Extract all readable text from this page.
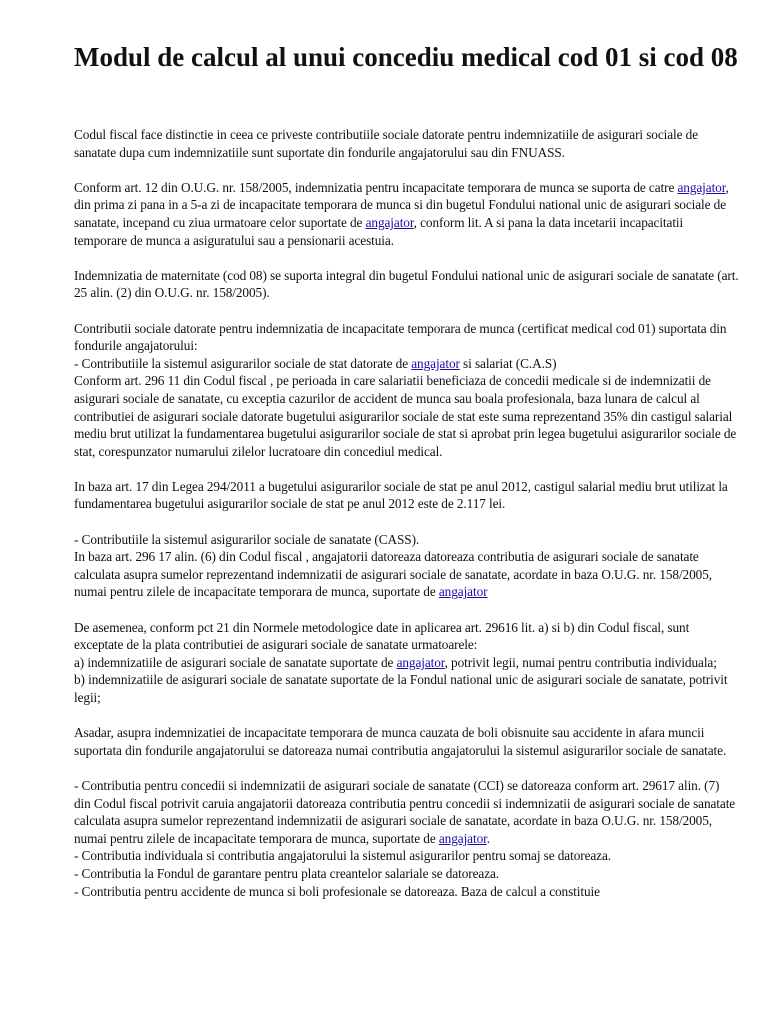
Modul de calcul al unui concediu medical cod 01 si cod 08

Codul fiscal face distinctie in ceea ce priveste contributiile sociale datorate pentru indemnizatiile de asigurari sociale de sanatate dupa cum indemnizatiile sunt suportate din fondurile angajatorului sau din FNUASS.

Conform art. 12 din O.U.G. nr. 158/2005, indemnizatia pentru incapacitate temporara de munca se suporta de catre angajator, din prima zi pana in a 5-a zi de incapacitate temporara de munca si din bugetul Fondului national unic de asigurari sociale de sanatate, incepand cu ziua urmatoare celor suportate de angajator, conform lit. A si pana la data incetarii incapacitatii temporare de munca a asiguratului sau a pensionarii acestuia.

Indemnizatia de maternitate (cod 08) se suporta integral din bugetul Fondului national unic de asigurari sociale de sanatate (art. 25 alin. (2) din O.U.G. nr. 158/2005).

Contributii sociale datorate pentru indemnizatia de incapacitate temporara de munca (certificat medical cod 01) suportata din fondurile angajatorului:
- Contributiile la sistemul asigurarilor sociale de stat datorate de angajator si salariat (C.A.S)
Conform art. 296 11 din Codul fiscal , pe perioada in care salariatii beneficiaza de concedii medicale si de indemnizatii de asigurari sociale de sanatate, cu exceptia cazurilor de accident de munca sau boala profesionala, baza lunara de calcul al contributiei de asigurari sociale datorate bugetului asigurarilor sociale de stat este suma reprezentand 35% din castigul salarial mediu brut utilizat la fundamentarea bugetului asigurarilor sociale de stat si aprobat prin legea bugetului asigurarilor sociale de stat, corespunzator numarului zilelor lucratoare din concediul medical.

In baza art. 17 din Legea 294/2011 a bugetului asigurarilor sociale de stat pe anul 2012, castigul salarial mediu brut utilizat la fundamentarea bugetului asigurarilor sociale de stat pe anul 2012 este de 2.117 lei.

- Contributiile la sistemul asigurarilor sociale de sanatate (CASS).
In baza art. 296 17 alin. (6) din Codul fiscal , angajatorii datoreaza datoreaza contributia de asigurari sociale de sanatate calculata asupra sumelor reprezentand indemnizatii de asigurari sociale de sanatate, acordate in baza O.U.G. nr. 158/2005, numai pentru zilele de incapacitate temporara de munca, suportate de angajator

De asemenea, conform pct 21 din Normele metodologice date in aplicarea art. 29616 lit. a) si b) din Codul fiscal, sunt exceptate de la plata contributiei de asigurari sociale de sanatate urmatoarele:
a) indemnizatiile de asigurari sociale de sanatate suportate de angajator, potrivit legii, numai pentru contributia individuala;
b) indemnizatiile de asigurari sociale de sanatate suportate de la Fondul national unic de asigurari sociale de sanatate, potrivit legii;

Asadar, asupra indemnizatiei de incapacitate temporara de munca cauzata de boli obisnuite sau accidente in afara muncii suportata din fondurile angajatorului se datoreaza numai contributia angajatorului la sistemul asigurarilor sociale de sanatate.

- Contributia pentru concedii si indemnizatii de asigurari sociale de sanatate (CCI) se datoreaza conform art. 29617 alin. (7) din Codul fiscal potrivit caruia angajatorii datoreaza contributia pentru concedii si indemnizatii de asigurari sociale de sanatate calculata asupra sumelor reprezentand indemnizatii de asigurari sociale de sanatate, acordate in baza O.U.G. nr. 158/2005, numai pentru zilele de incapacitate temporara de munca, suportate de angajator.
- Contributia individuala si contributia angajatorului la sistemul asigurarilor pentru somaj se datoreaza.
- Contributia la Fondul de garantare pentru plata creantelor salariale se datoreaza.
- Contributia pentru accidente de munca si boli profesionale se datoreaza. Baza de calcul a constituie
